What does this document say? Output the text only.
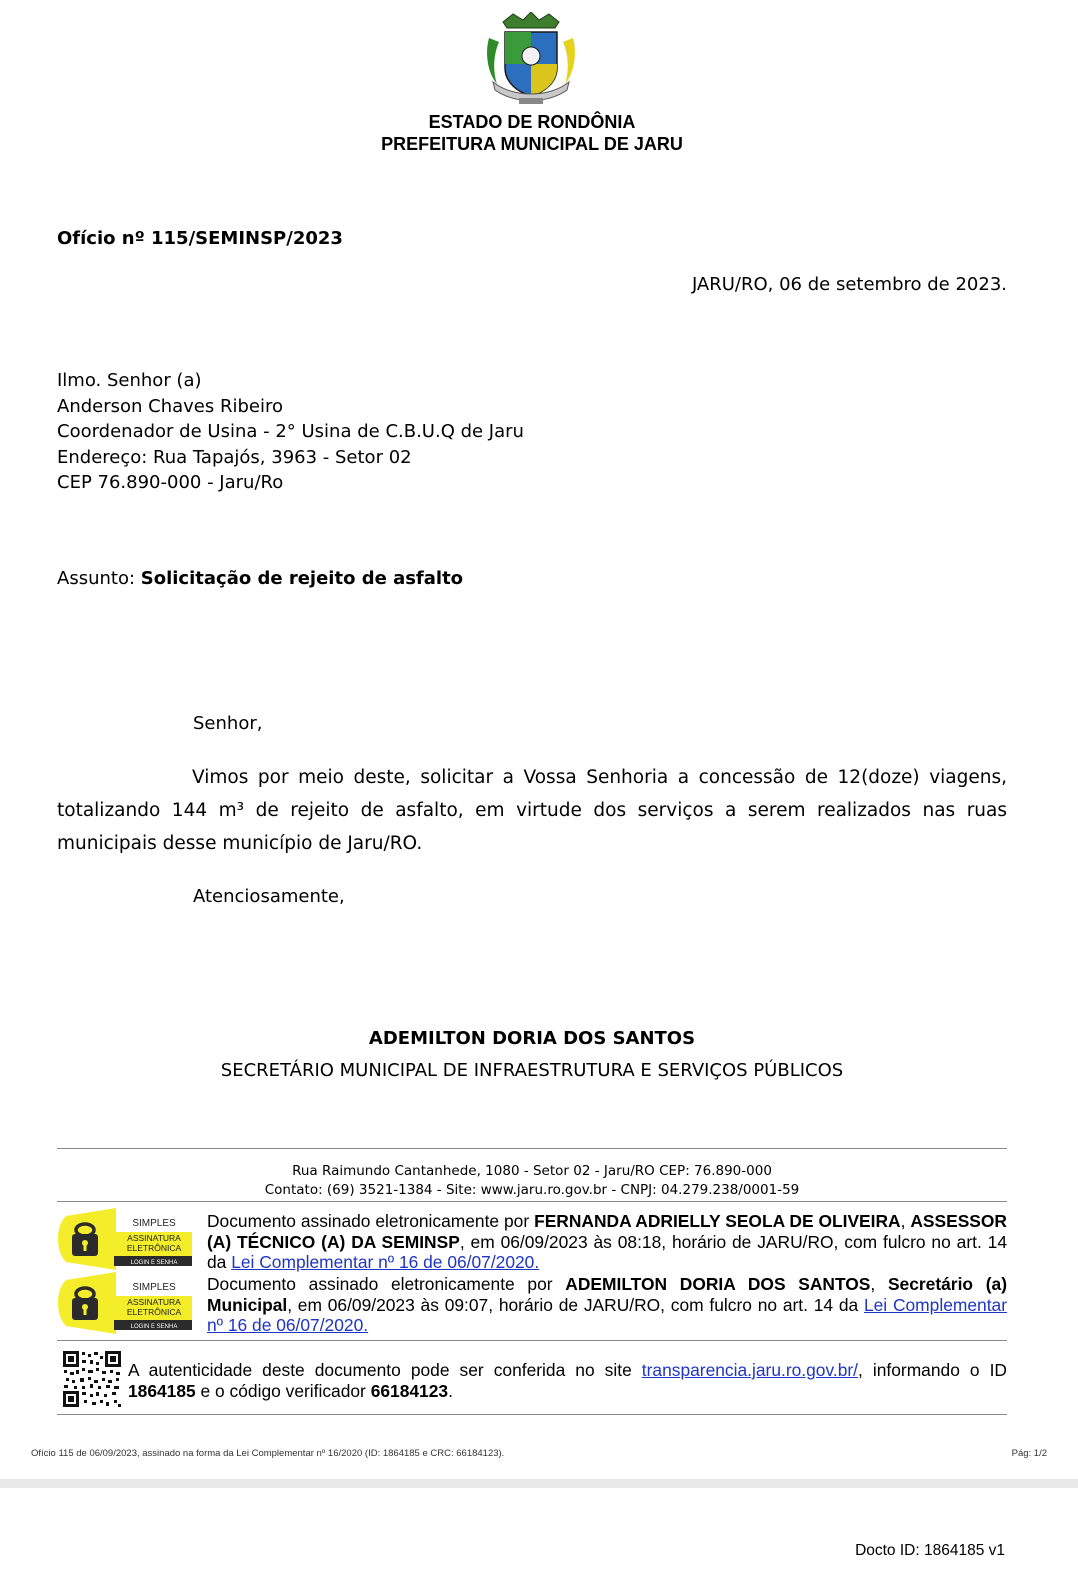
ESTADO DE RONDÔNIA
PREFEITURA MUNICIPAL DE JARU
Ofício nº 115/SEMINSP/2023
JARU/RO, 06 de setembro de 2023.
Ilmo. Senhor (a)
Anderson Chaves Ribeiro
Coordenador de Usina - 2° Usina de C.B.U.Q de Jaru
Endereço: Rua Tapajós, 3963 - Setor 02
CEP 76.890-000 - Jaru/Ro
Assunto: Solicitação de rejeito de asfalto
Senhor,
Vimos por meio deste, solicitar a Vossa Senhoria a concessão de 12(doze) viagens, totalizando 144 m³ de rejeito de asfalto, em virtude dos serviços a serem realizados nas ruas municipais desse município de Jaru/RO.
Atenciosamente,
ADEMILTON DORIA DOS SANTOS
SECRETÁRIO MUNICIPAL DE INFRAESTRUTURA E SERVIÇOS PÚBLICOS
Rua Raimundo Cantanhede, 1080 - Setor 02 - Jaru/RO CEP: 76.890-000
Contato: (69) 3521-1384 - Site: www.jaru.ro.gov.br - CNPJ: 04.279.238/0001-59
SIMPLES
ASSINATURA
ELETRÔNICA
LOGIN E SENHA
Documento assinado eletronicamente por FERNANDA ADRIELLY SEOLA DE OLIVEIRA, ASSESSOR (A) TÉCNICO (A) DA SEMINSP, em 06/09/2023 às 08:18, horário de JARU/RO, com fulcro no art. 14 da Lei Complementar nº 16 de 06/07/2020.
SIMPLES
ASSINATURA
ELETRÔNICA
LOGIN E SENHA
Documento assinado eletronicamente por ADEMILTON DORIA DOS SANTOS, Secretário (a) Municipal, em 06/09/2023 às 09:07, horário de JARU/RO, com fulcro no art. 14 da Lei Complementar nº 16 de 06/07/2020.
A autenticidade deste documento pode ser conferida no site transparencia.jaru.ro.gov.br/, informando o ID 1864185 e o código verificador 66184123.
Ofício 115 de 06/09/2023, assinado na forma da Lei Complementar nº 16/2020 (ID: 1864185 e CRC: 66184123).	Pág: 1/2
Docto ID: 1864185 v1
